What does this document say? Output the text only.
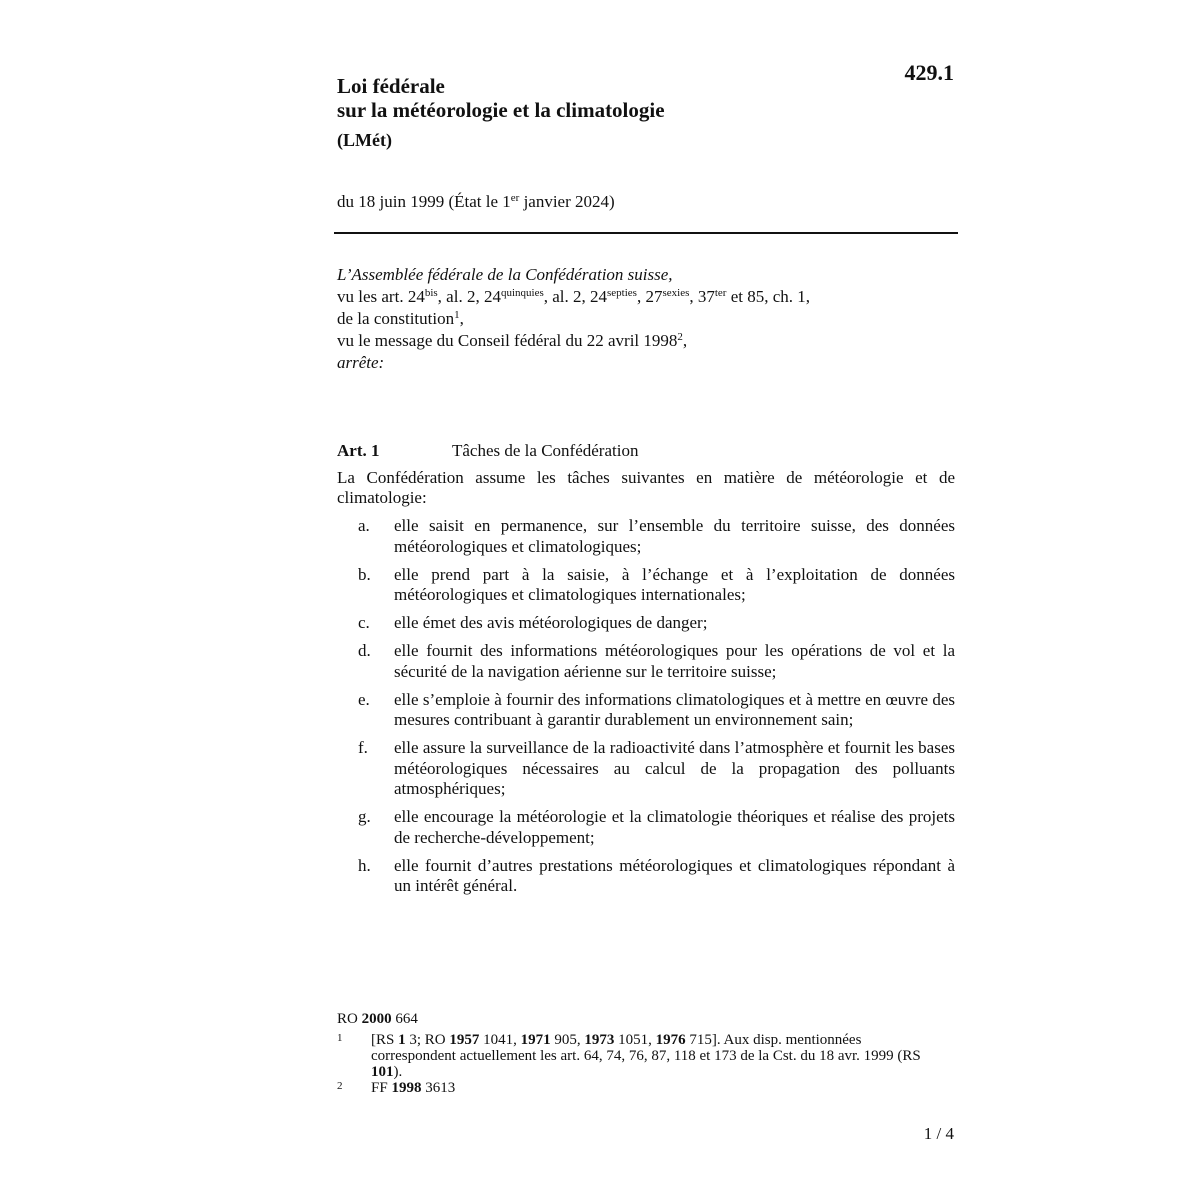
429.1
Loi fédérale
sur la météorologie et la climatologie
(LMét)
du 18 juin 1999 (État le 1er janvier 2024)
L’Assemblée fédérale de la Confédération suisse,
vu les art. $24^{bis}$, al. 2, $24^{quinquies}$, al. 2, $24^{septies}$, $27^{sexies}$, $37^{ter}$ et 85, ch. 1,
de la constitution$^1$,
vu le message du Conseil fédéral du 22 avril 1998$^2$,
arrête:
Art. 1	Tâches de la Confédération
La Confédération assume les tâches suivantes en matière de météorologie et de climatologie:
a. elle saisit en permanence, sur l’ensemble du territoire suisse, des données météorologiques et climatologiques;
b. elle prend part à la saisie, à l’échange et à l’exploitation de données météorologiques et climatologiques internationales;
c. elle émet des avis météorologiques de danger;
d. elle fournit des informations météorologiques pour les opérations de vol et la sécurité de la navigation aérienne sur le territoire suisse;
e. elle s’emploie à fournir des informations climatologiques et à mettre en œuvre des mesures contribuant à garantir durablement un environnement sain;
f. elle assure la surveillance de la radioactivité dans l’atmosphère et fournit les bases météorologiques nécessaires au calcul de la propagation des polluants atmosphériques;
g. elle encourage la météorologie et la climatologie théoriques et réalise des projets de recherche-développement;
h. elle fournit d’autres prestations météorologiques et climatologiques répondant à un intérêt général.
RO 2000 664
1 [RS 1 3; RO 1957 1041, 1971 905, 1973 1051, 1976 715]. Aux disp. mentionnées correspondent actuellement les art. 64, 74, 76, 87, 118 et 173 de la Cst. du 18 avr. 1999 (RS 101).
2 FF 1998 3613
1 / 4
